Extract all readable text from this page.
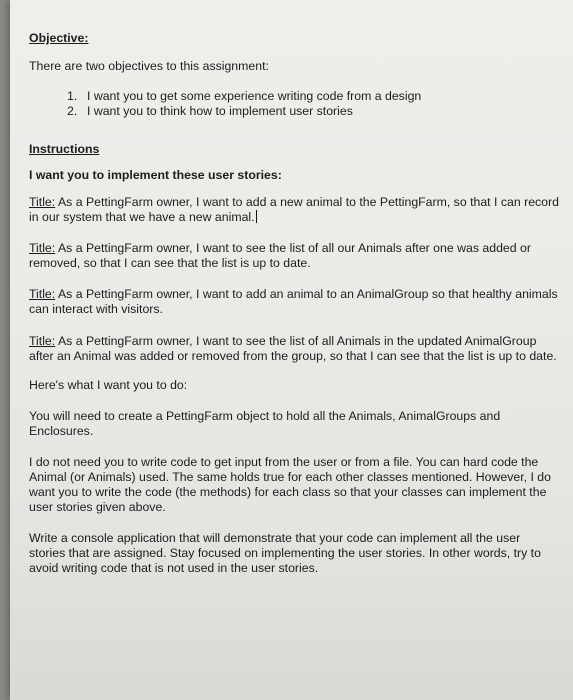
Objective:

There are two objectives to this assignment:

1. I want you to get some experience writing code from a design
2. I want you to think how to implement user stories

Instructions

I want you to implement these user stories:

Title: As a PettingFarm owner, I want to add a new animal to the PettingFarm, so that I can record in our system that we have a new animal.

Title: As a PettingFarm owner, I want to see the list of all our Animals after one was added or removed, so that I can see that the list is up to date.

Title: As a PettingFarm owner, I want to add an animal to an AnimalGroup so that healthy animals can interact with visitors.

Title: As a PettingFarm owner, I want to see the list of all Animals in the updated AnimalGroup after an Animal was added or removed from the group, so that I can see that the list is up to date.

Here's what I want you to do:

You will need to create a PettingFarm object to hold all the Animals, AnimalGroups and Enclosures.

I do not need you to write code to get input from the user or from a file. You can hard code the Animal (or Animals) used. The same holds true for each other classes mentioned. However, I do want you to write the code (the methods) for each class so that your classes can implement the user stories given above.

Write a console application that will demonstrate that your code can implement all the user stories that are assigned. Stay focused on implementing the user stories. In other words, try to avoid writing code that is not used in the user stories.
